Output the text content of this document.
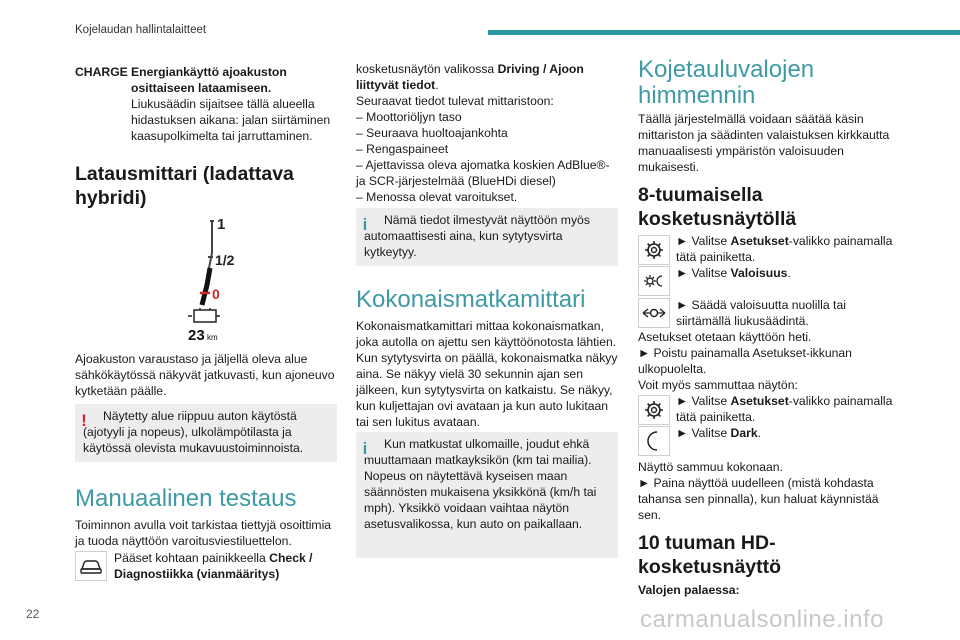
Kojelaudan hallintalaitteet
CHARGE Energiankäyttö ajoakuston osittaiseen lataamiseen.

Liukusäädin sijaitsee tällä alueella hidastuksen aikana: jalan siirtäminen kaasupolkimelta tai jarruttaminen.

Latausmittari (ladattava hybridi)
1
1/2
0
23 km
Ajoakuston varaustaso ja jäljellä oleva alue sähkökäytössä näkyvät jatkuvasti, kun ajoneuvo kytketään päälle.
!	Näytetty alue riippuu auton käytöstä (ajotyyli ja nopeus), ulkolämpötilasta ja käytössä olevista mukavuustoiminnoista.
Manuaalinen testaus
Toiminnon avulla voit tarkistaa tiettyjä osoittimia ja tuoda näyttöön varoitusviestiluettelon.
Pääset kohtaan painikkeella Check / Diagnostiikka (vianmääritys)
kosketusnäytön valikossa Driving / Ajoon liittyvät tiedot.

Seuraavat tiedot tulevat mittaristoon:

– Moottoriöljyn taso

– Seuraava huoltoajankohta

– Rengaspaineet

– Ajettavissa oleva ajomatka koskien AdBlue®-ja SCR-järjestelmää (BlueHDi diesel)

– Menossa olevat varoitukset.

i	Nämä tiedot ilmestyvät näyttöön myös automaattisesti aina, kun sytytysvirta kytkeytyy.
Kokonaismatkamittari
Kokonaismatkamittari mittaa kokonaismatkan, joka autolla on ajettu sen käyttöönotosta lähtien. Kun sytytysvirta on päällä, kokonaismatka näkyy aina. Se näkyy vielä 30 sekunnin ajan sen jälkeen, kun sytytysvirta on katkaistu. Se näkyy, kun kuljettajan ovi avataan ja kun auto lukitaan tai sen lukitus avataan.
i	Kun matkustat ulkomaille, joudut ehkä muuttamaan matkayksikön (km tai mailia). Nopeus on näytettävä kyseisen maan säännösten mukaisena yksikkönä (km/h tai mph). Yksikkö voidaan vaihtaa näytön asetusvalikossa, kun auto on paikallaan.
Kojetauluvalojen himmennin
Täällä järjestelmällä voidaan säätää käsin mittariston ja säädinten valaistuksen kirkkautta manuaalisesti ympäristön valoisuuden mukaisesti.
8-tuumaisella kosketusnäytöllä
► Valitse Asetukset-valikko painamalla tätä painiketta.
► Valitse Valoisuus.
► Säädä valoisuutta nuolilla tai siirtämällä liukusäädintä.

Asetukset otetaan käyttöön heti.

► Poistu painamalla Asetukset-ikkunan ulkopuolelta.

Voit myös sammuttaa näytön:

► Valitse Asetukset-valikko painamalla tätä painiketta.
► Valitse Dark.

Näyttö sammuu kokonaan.

► Paina näyttöä uudelleen (mistä kohdasta tahansa sen pinnalla), kun haluat käynnistää sen.

10 tuuman HD-kosketusnäyttö
Valojen palaessa:
22	carmanualsonline.info
